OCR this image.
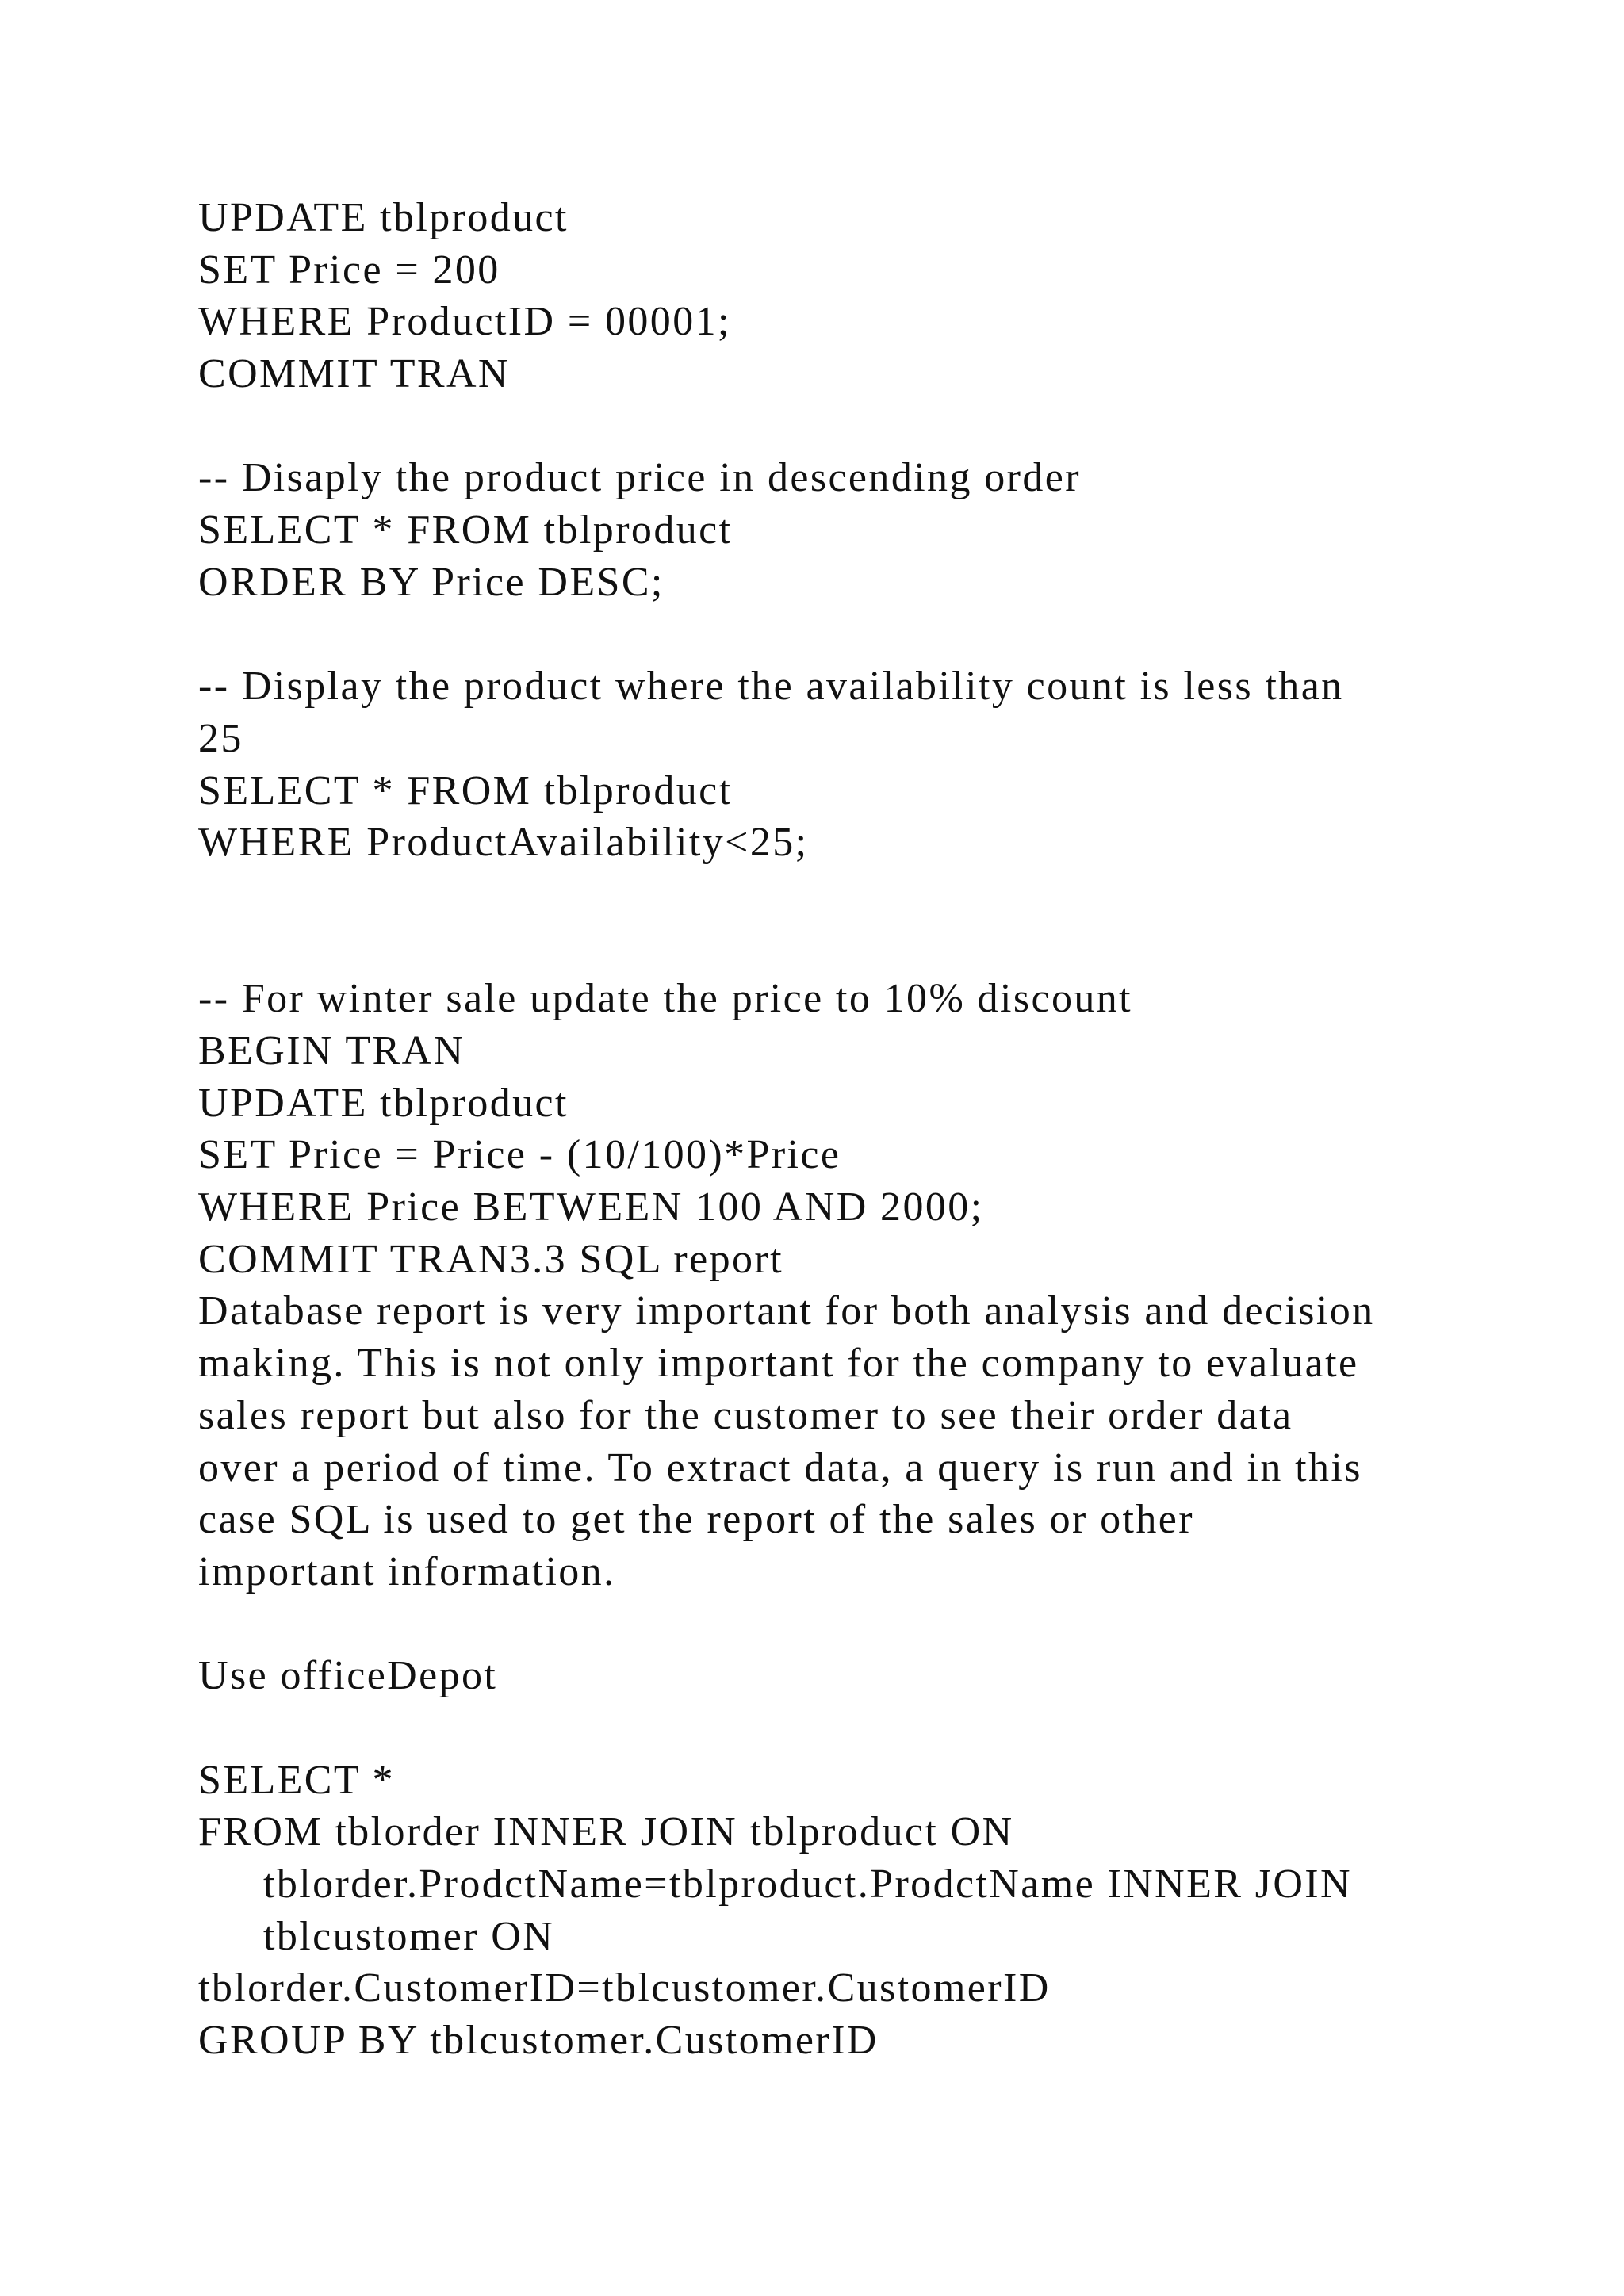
UPDATE tblproduct
SET Price = 200
WHERE ProductID = 00001;
COMMIT TRAN
-- Disaply the product price in descending order
SELECT * FROM tblproduct
ORDER BY Price DESC;
-- Display the product where the availability count is less than
25
SELECT * FROM tblproduct
WHERE ProductAvailability<25;
-- For winter sale update the price to 10% discount
BEGIN TRAN
UPDATE tblproduct
SET Price = Price - (10/100)*Price
WHERE Price BETWEEN 100 AND 2000;
COMMIT TRAN3.3 SQL report
Database report is very important for both analysis and decision
making. This is not only important for the company to evaluate
sales report but also for the customer to see their order data
over a period of time. To extract data, a query is run and in this
case SQL is used to get the report of the sales or other
important information.
Use officeDepot
SELECT *
FROM tblorder INNER JOIN tblproduct ON
tblorder.ProdctName=tblproduct.ProdctName INNER JOIN
tblcustomer ON
tblorder.CustomerID=tblcustomer.CustomerID
GROUP BY tblcustomer.CustomerID
